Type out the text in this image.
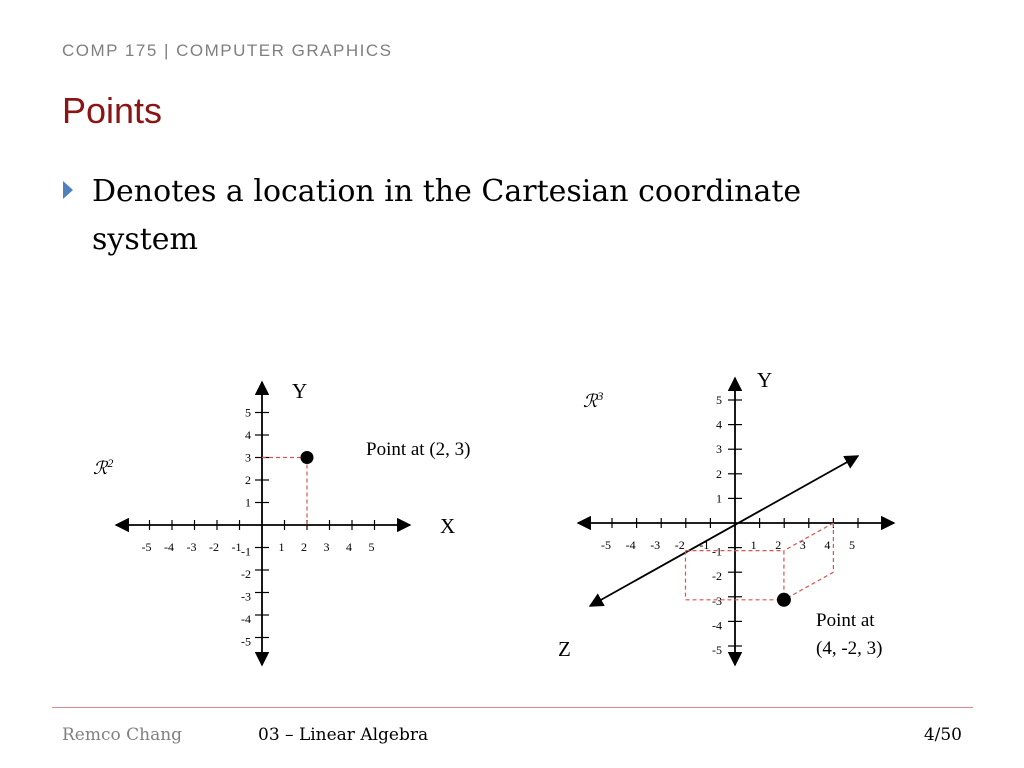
COMP 175 | COMPUTER GRAPHICS

Points
Denotes a location in the Cartesian coordinate system
-5 -4 -3 -2 -1	1 2 3 4 5
5
4
3
2
1
-1
-2
-3
-4
-5
Y
X
Point at (2, 3)
ℛ$^2$
-5 -4 -3 -2 -1	1 2 3 4 5
5
4
3
2
1
-1
-2
-3
-4
-5
Y
Z
Point at
(4, -2, 3)
ℛ$^3$

Remco Chang	03 – Linear Algebra	4/50
